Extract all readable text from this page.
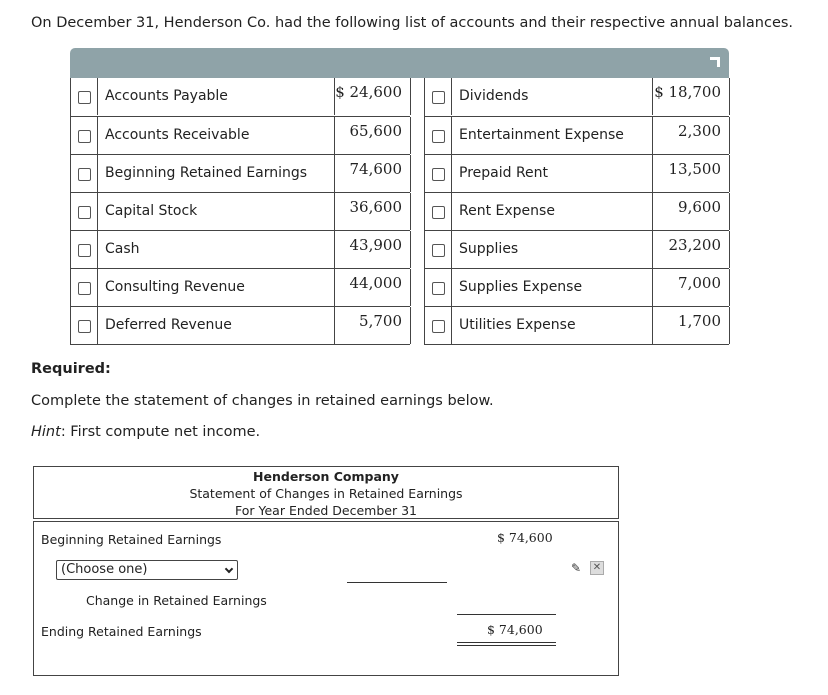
On December 31, Henderson Co. had the following list of accounts and their respective annual balances.
Accounts Payable	$ 24,600
Accounts Receivable	65,600
Beginning Retained Earnings	74,600
Capital Stock	36,600
Cash	43,900
Consulting Revenue	44,000
Deferred Revenue	5,700
Dividends	$ 18,700
Entertainment Expense	2,300
Prepaid Rent	13,500
Rent Expense	9,600
Supplies	23,200
Supplies Expense	7,000
Utilities Expense	1,700
Required:
Complete the statement of changes in retained earnings below.
Hint: First compute net income.
Henderson Company
Statement of Changes in Retained Earnings
For Year Ended December 31
Beginning Retained Earnings	$ 74,600
(Choose one)	✎ ✕
Change in Retained Earnings
Ending Retained Earnings	$ 74,600
